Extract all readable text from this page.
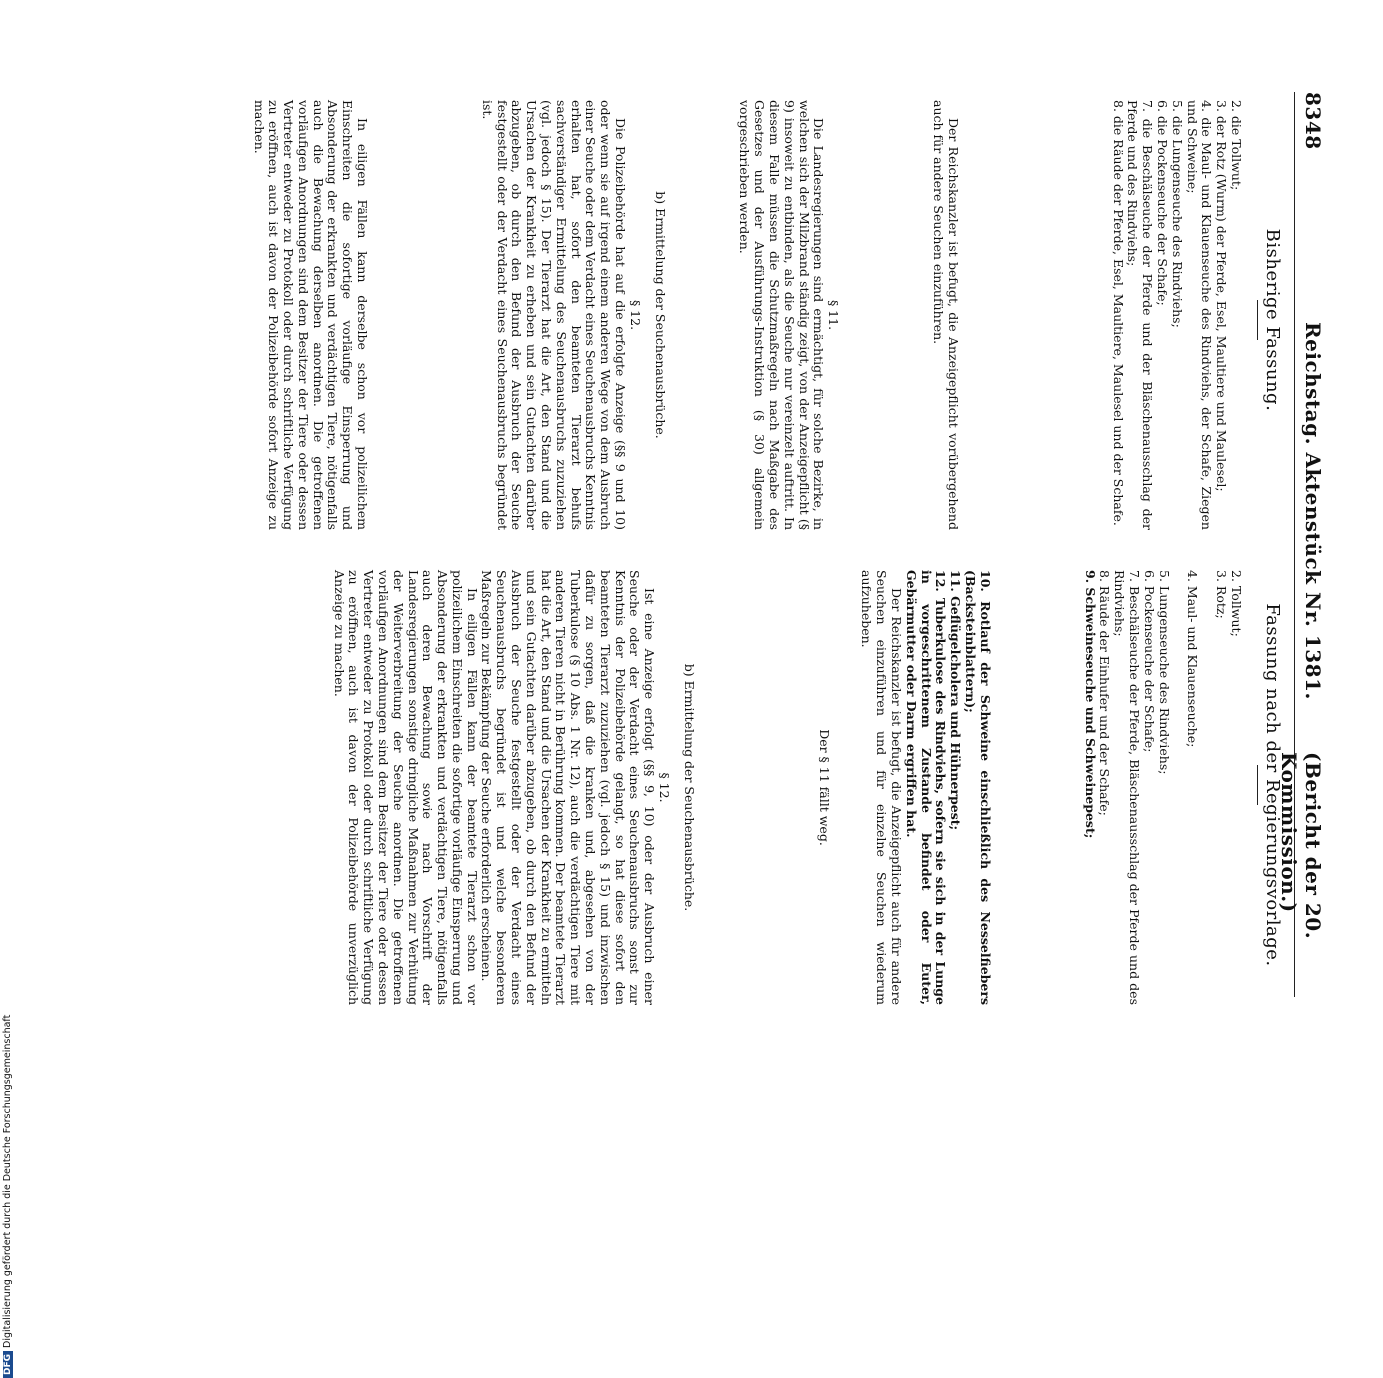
8348
Reichstag. Aktenstück Nr. 1381.
(Bericht der 20. Kommission.)

Bisherige Fassung.
Fassung nach der Regierungsvorlage.
2. die Tollwut;
3. der Rotz (Wurm) der Pferde, Esel, Maultiere und Maulesel;
4. die Maul- und Klauenseuche des Rindviehs, der Schafe, Ziegen und Schweine;
5. die Lungenseuche des Rindviehs;
6. die Pockenseuche der Schafe;
7. die Beschälseuche der Pferde und der Bläschenausschlag der Pferde und des Rindviehs;
8. die Räude der Pferde, Esel, Maultiere, Maulesel und der Schafe.

Der Reichskanzler ist befugt, die Anzeigepflicht vorübergehend auch für andere Seuchen einzuführen.

§ 11.

Die Landesregierungen sind ermächtigt, für solche Bezirke, in welchen sich der Milzbrand ständig zeigt, von der Anzeigepflicht (§ 9) insoweit zu entbinden, als die Seuche nur vereinzelt auftritt. In diesem Falle müssen die Schutzmaßregeln nach Maßgabe des Gesetzes und der Ausführungs-Instruktion (§ 30) allgemein vorgeschrieben werden.

b) Ermittelung der Seuchenausbrüche.
§ 12.

Die Polizeibehörde hat auf die erfolgte Anzeige (§§ 9 und 10) oder wenn sie auf irgend einem anderen Wege von dem Ausbruch einer Seuche oder dem Verdacht eines Seuchenausbruchs Kenntnis erhalten hat, sofort den beamteten Tierarzt behufs sachverständiger Ermittelung des Seuchenausbruchs zuzuziehen (vgl. jedoch § 15). Der Tierarzt hat die Art, den Stand und die Ursachen der Krankheit zu erheben und sein Gutachten darüber abzugeben, ob durch den Befund der Ausbruch der Seuche festgestellt oder der Verdacht eines Seuchenausbruchs begründet ist.

In eiligen Fällen kann derselbe schon vor polizeilichem Einschreiten die sofortige vorläufige Einsperrung und Absonderung der erkrankten und verdächtigen Tiere, nötigenfalls auch die Bewachung derselben anordnen. Die getroffenen vorläufigen Anordnungen sind dem Besitzer der Tiere oder dessen Vertreter entweder zu Protokoll oder durch schriftliche Verfügung zu eröffnen, auch ist davon der Polizeibehörde sofort Anzeige zu machen.

2. Tollwut;
3. Rotz;
4. Maul- und Klauenseuche;
5. Lungenseuche des Rindviehs;
6. Pockenseuche der Schafe;
7. Beschälseuche der Pferde, Bläschenausschlag der Pferde und des Rindviehs;
8. Räude der Einhufer und der Schafe;
9. Schweineseuche und Schweinepest;
10. Rotlauf der Schweine einschließlich des Nesselfiebers (Backsteinblattern);
11. Geflügelcholera und Hühnerpest;
12. Tuberkulose des Rindviehs, sofern sie sich in der Lunge in vorgeschrittenem Zustande befindet oder Euter, Gebärmutter oder Darm ergriffen hat.

Der Reichskanzler ist befugt, die Anzeigepflicht auch für andere Seuchen einzuführen und für einzelne Seuchen wiederum aufzuheben.

Der § 11 fällt weg.
b) Ermittelung der Seuchenausbrüche.
§ 12.

Ist eine Anzeige erfolgt (§§ 9, 10) oder der Ausbruch einer Seuche oder der Verdacht eines Seuchenausbruchs sonst zur Kenntnis der Polizeibehörde gelangt, so hat diese sofort den beamteten Tierarzt zuzuziehen (vgl. jedoch § 15) und inzwischen dafür zu sorgen, daß die kranken und, abgesehen von der Tuberkulose (§ 10 Abs. 1 Nr. 12), auch die verdächtigen Tiere mit anderen Tieren nicht in Berührung kommen. Der beamtete Tierarzt hat die Art, den Stand und die Ursachen der Krankheit zu ermitteln und sein Gutachten darüber abzugeben, ob durch den Befund der Ausbruch der Seuche festgestellt oder der Verdacht eines Seuchenausbruchs begründet ist und welche besonderen Maßregeln zur Bekämpfung der Seuche erforderlich erscheinen.

In eiligen Fällen kann der beamtete Tierarzt schon vor polizeilichem Einschreiten die sofortige vorläufige Einsperrung und Absonderung der erkrankten und verdächtigen Tiere, nötigenfalls auch deren Bewachung sowie nach Vorschrift der Landesregierungen sonstige dringliche Maßnahmen zur Verhütung der Weiterverbreitung der Seuche anordnen. Die getroffenen vorläufigen Anordnungen sind dem Besitzer der Tiere oder dessen Vertreter entweder zu Protokoll oder durch schriftliche Verfügung zu eröffnen, auch ist davon der Polizeibehörde unverzüglich Anzeige zu machen.

DFGDigitalisierung gefördert durch die Deutsche Forschungsgemeinschaft
